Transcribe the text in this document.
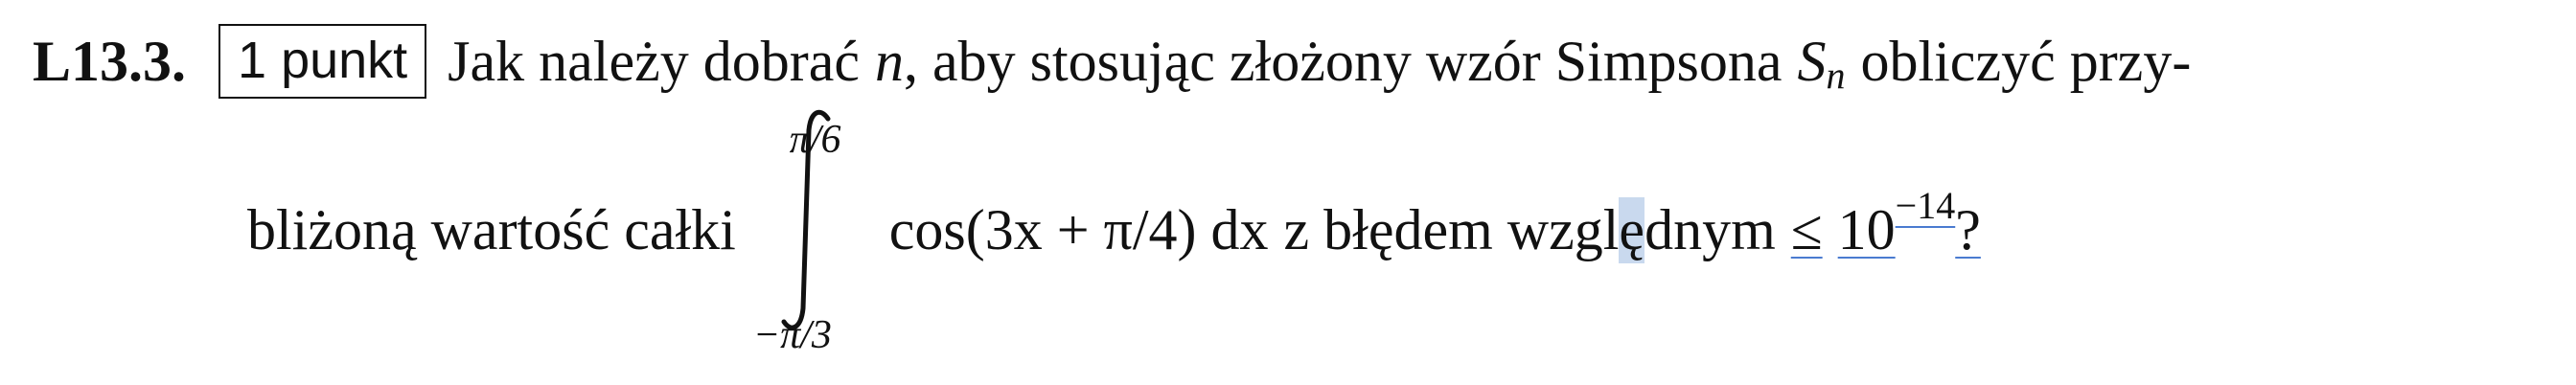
L13.3.	1 punkt Jak należy dobrać n , aby stosując złożony wzór Simpsona S n obliczyć przy-
bliżoną wartość całki
π/6
−π/3
cos(3x + π/4) dx z błędem wzgl ę dnym ≤ 10 −14 ?
